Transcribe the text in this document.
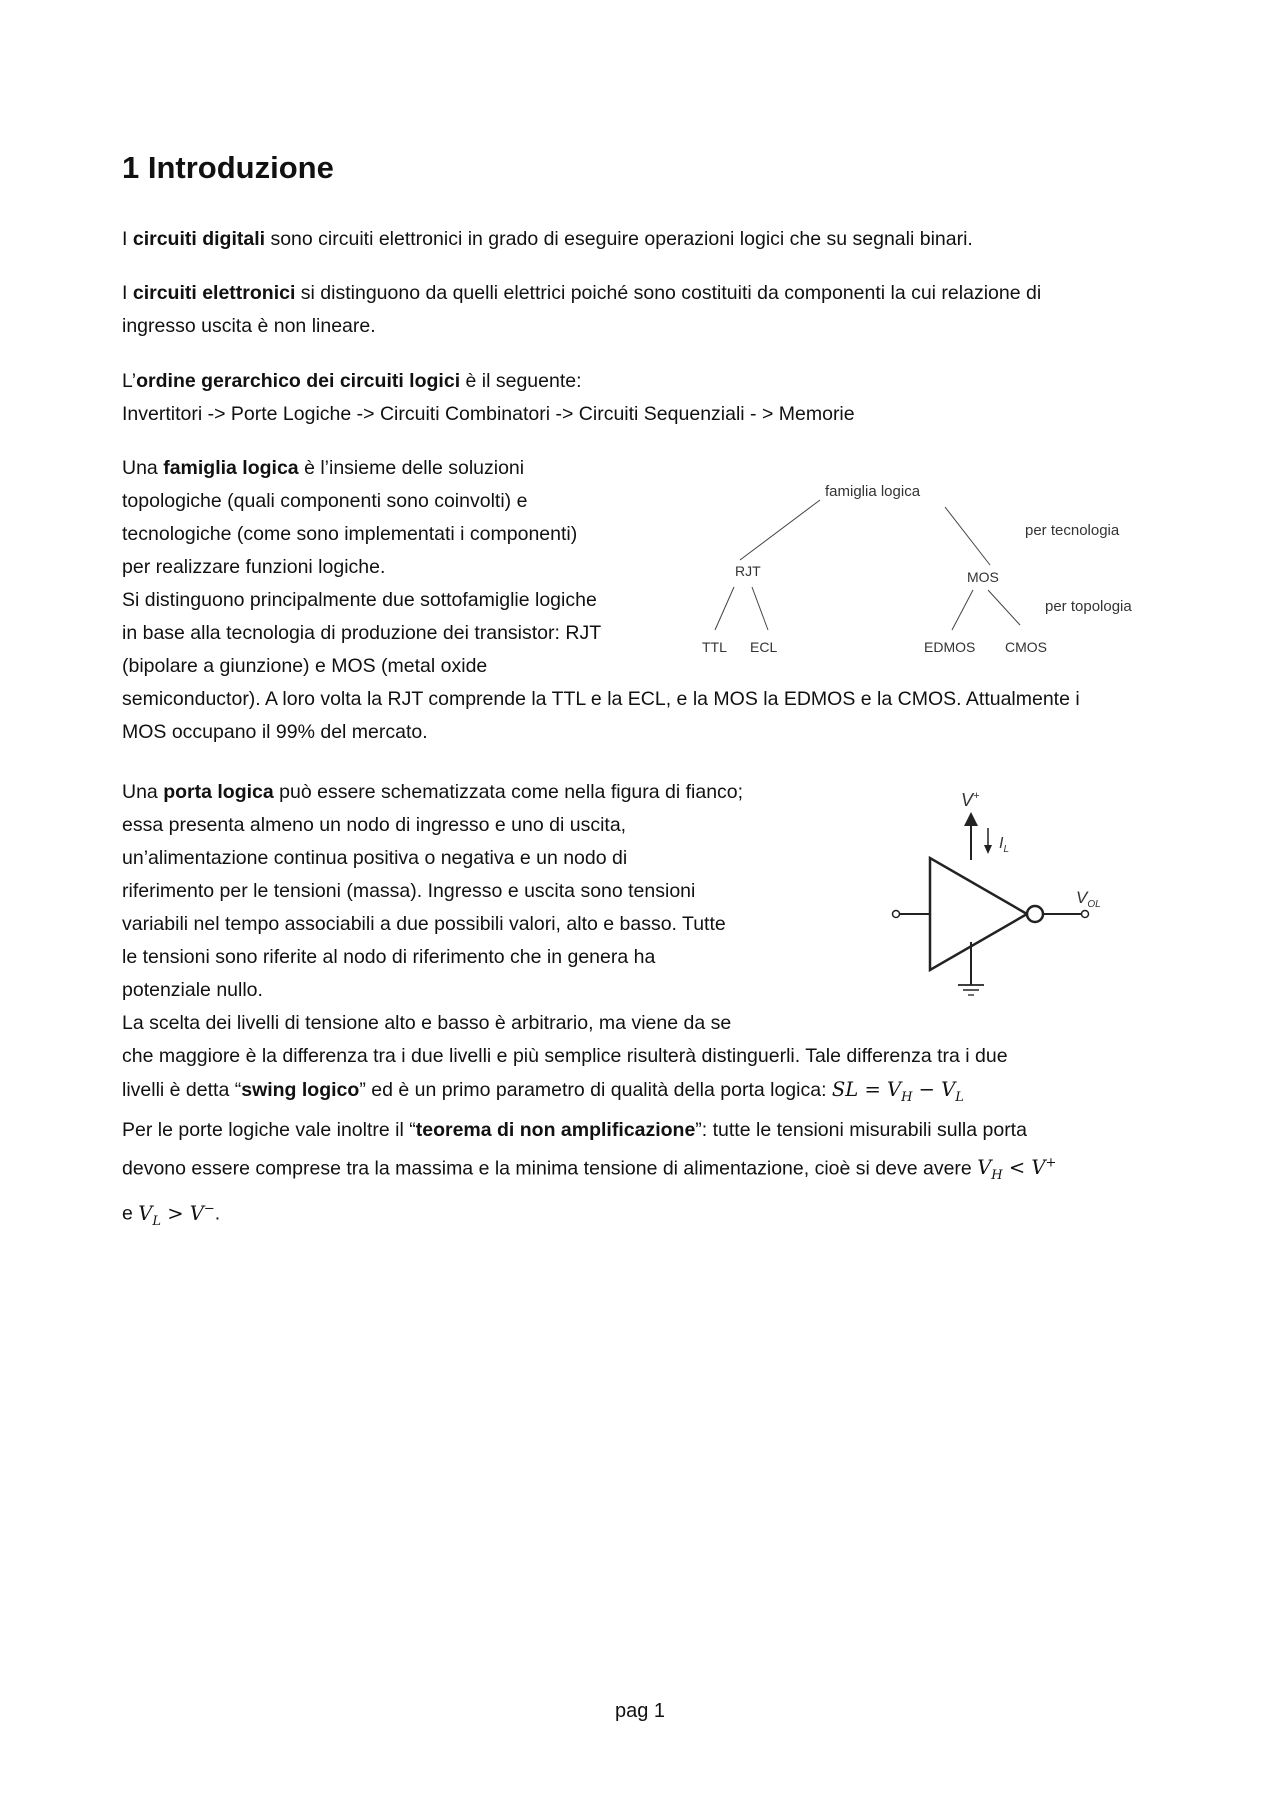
1 Introduzione

I circuiti digitali sono circuiti elettronici in grado di eseguire operazioni logici che su segnali binari.

I circuiti elettronici si distinguono da quelli elettrici poiché sono costituiti da componenti la cui relazione di
ingresso uscita è non lineare.

L’ordine gerarchico dei circuiti logici è il seguente:
Invertitori -> Porte Logiche -> Circuiti Combinatori -> Circuiti Sequenziali - > Memorie

Una famiglia logica è l’insieme delle soluzioni
topologiche (quali componenti sono coinvolti) e
tecnologiche (come sono implementati i componenti)
per realizzare funzioni logiche.
Si distinguono principalmente due sottofamiglie logiche
in base alla tecnologia di produzione dei transistor: RJT
(bipolare a giunzione) e MOS (metal oxide
semiconductor). A loro volta la RJT comprende la TTL e la ECL, e la MOS la EDMOS e la CMOS. Attualmente i
MOS occupano il 99% del mercato.

famiglia logica
per tecnologia
RJT	MOS
per topologia
TTL ECL	EDMOS CMOS

Una porta logica può essere schematizzata come nella figura di fianco;
essa presenta almeno un nodo di ingresso e uno di uscita,
un’alimentazione continua positiva o negativa e un nodo di
riferimento per le tensioni (massa). Ingresso e uscita sono tensioni
variabili nel tempo associabili a due possibili valori, alto e basso. Tutte
le tensioni sono riferite al nodo di riferimento che in genera ha
potenziale nullo.
La scelta dei livelli di tensione alto e basso è arbitrario, ma viene da se
che maggiore è la differenza tra i due livelli e più semplice risulterà distinguerli. Tale differenza tra i due
livelli è detta “swing logico” ed è un primo parametro di qualità della porta logica: SL = $V_H - V_L$
Per le porte logiche vale inoltre il “teorema di non amplificazione”: tutte le tensioni misurabili sulla porta
devono essere comprese tra la massima e la minima tensione di alimentazione, cioè si deve avere $V_H < V^+$
e $V_L > V^-$.

V+
$I_L$
$V_{OL}$
pag 1
